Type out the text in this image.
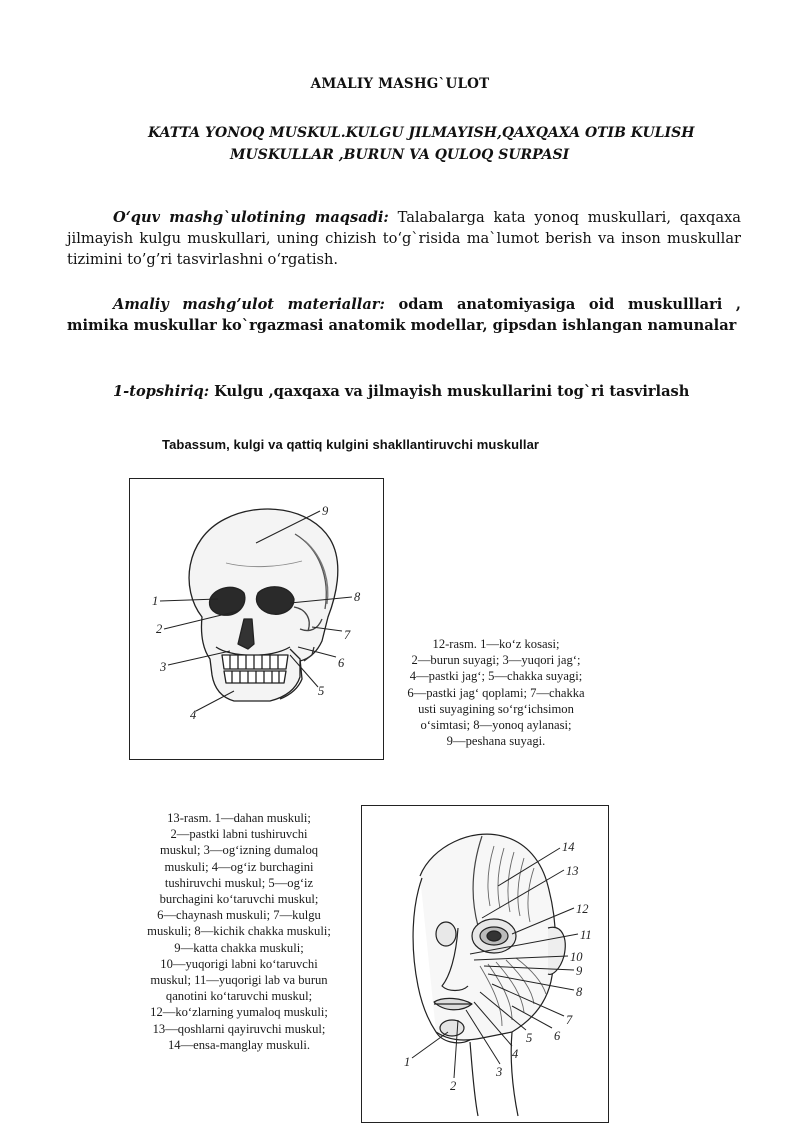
AMALIY MASHG`ULOT
KATTA YONOQ MUSKUL.KULGU JILMAYISH,QAXQAXA OTIB KULISH
MUSKULLAR ,BURUN VA QULOQ SURPASI
O‘quv mashg`ulotining maqsadi: Talabalarga kata yonoq muskullari, qaxqaxa jilmayish kulgu muskullari, uning chizish to‘g`risida ma`lumot berish va inson muskullar tizimini to’g’ri tasvirlashni o‘rgatish.
Amaliy mashg’ulot materiallar: odam anatomiyasiga oid muskulllari , mimika muskullar ko`rgazmasi anatomik modellar, gipsdan ishlangan namunalar
1-topshiriq: Kulgu ,qaxqaxa va jilmayish muskullarini tog`ri tasvirlash
Tabassum, kulgi va qattiq kulgini shakllantiruvchi muskullar
1
2
3
4
5
6
7
8
9
12-rasm. 1—ko‘z kosasi;
2—burun suyagi; 3—yuqori jag‘;
4—pastki jag‘; 5—chakka suyagi;
6—pastki jag‘ qoplami; 7—chakka
usti suyagining so‘rg‘ichsimon
o‘simtasi; 8—yonoq aylanasi;
9—peshana suyagi.
13-rasm. 1—dahan muskuli;
2—pastki labni tushiruvchi
muskul; 3—og‘izning dumaloq
muskuli; 4—og‘iz burchagini
tushiruvchi muskul; 5—og‘iz
burchagini ko‘taruvchi muskul;
6—chaynash muskuli; 7—kulgu
muskuli; 8—kichik chakka muskuli;
9—katta chakka muskuli;
10—yuqorigi labni ko‘taruvchi
muskul; 11—yuqorigi lab va burun
qanotini ko‘taruvchi muskul;
12—ko‘zlarning yumaloq muskuli;
13—qoshlarni qayiruvchi muskul;
14—ensa-manglay muskuli.
1
2
3
4
5 6
7
8
9
10
11
12
13
14
